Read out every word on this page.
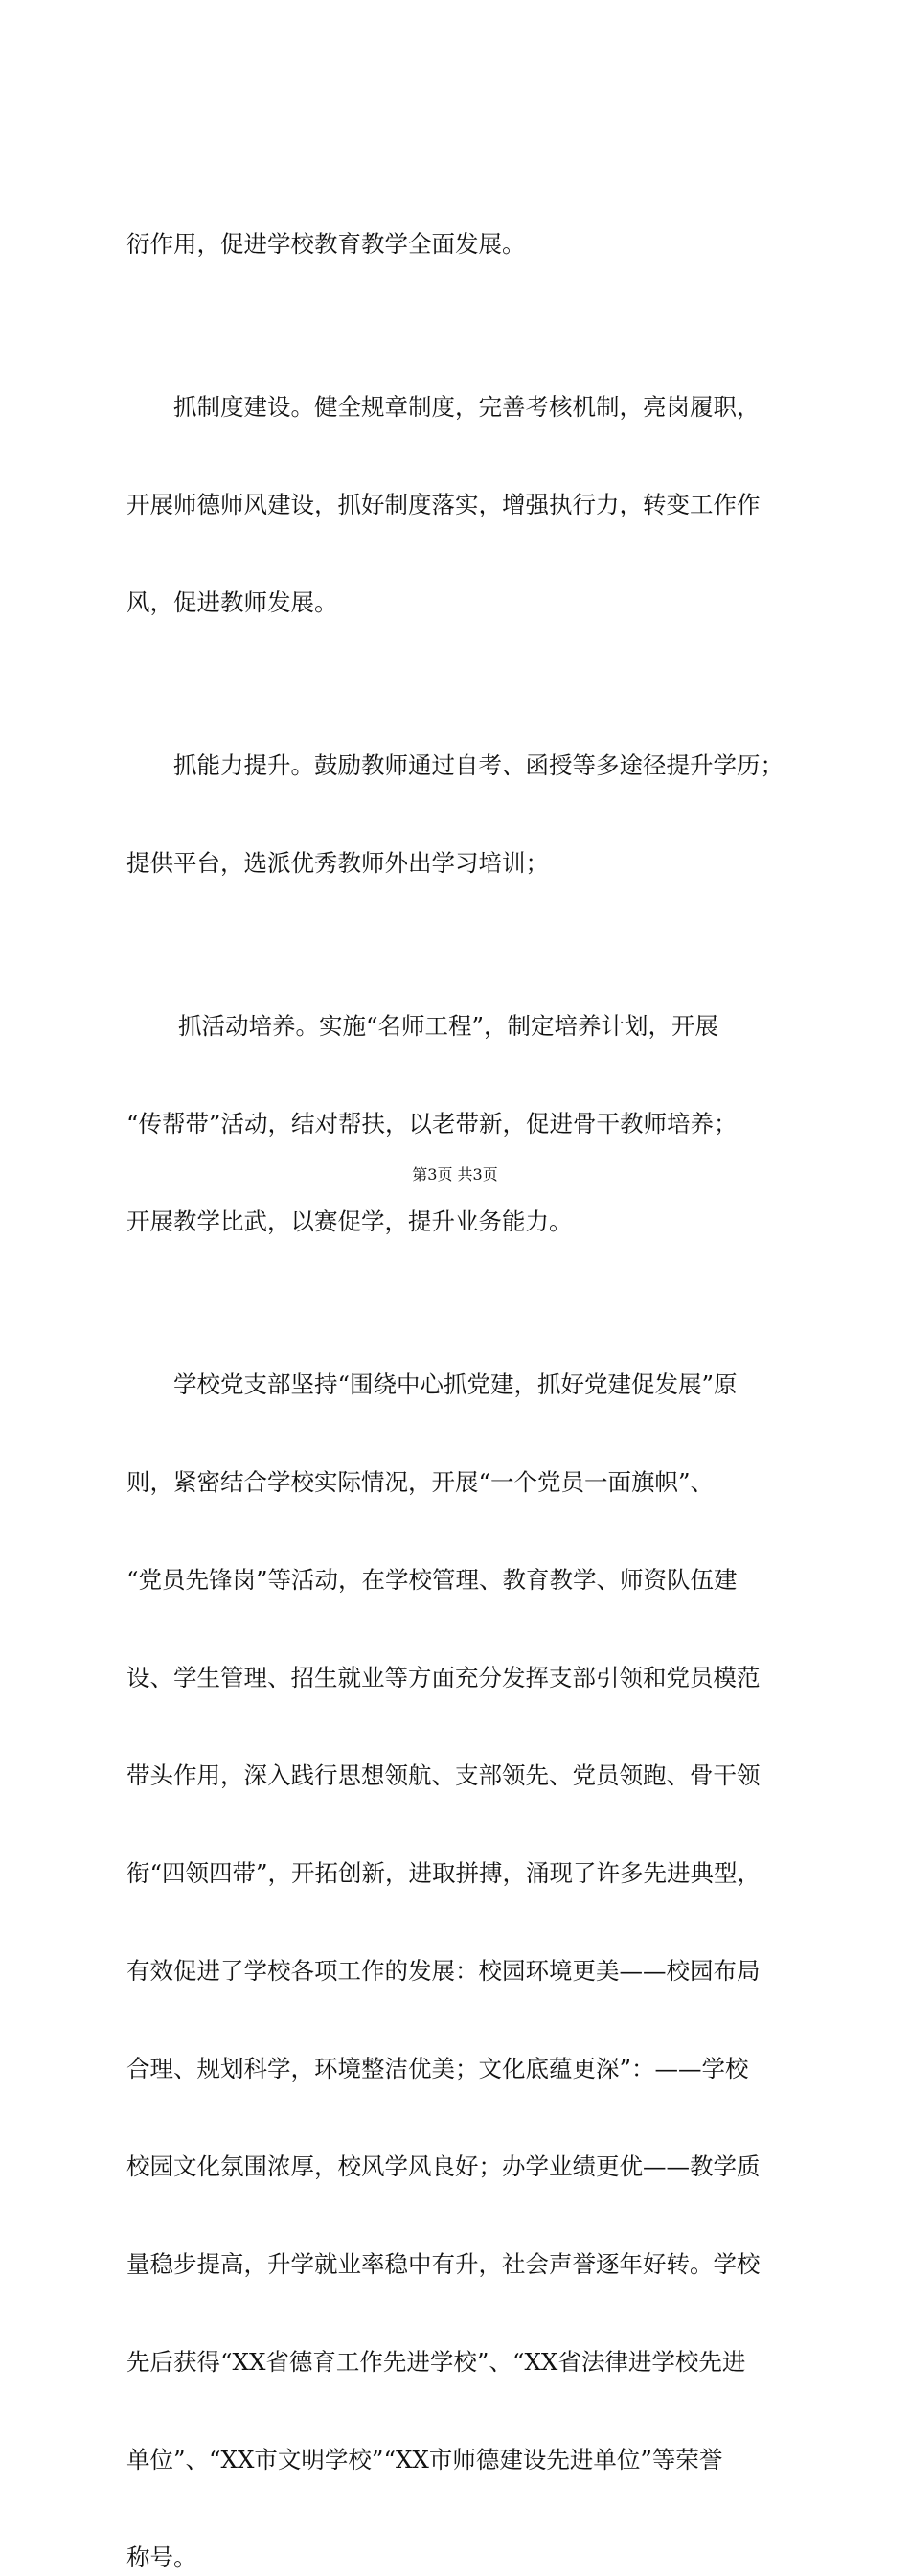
衍作用，促进学校教育教学全面发展。

抓制度建设。健全规章制度，完善考核机制，亮岗履职，

开展师德师风建设，抓好制度落实，增强执行力，转变工作作

风，促进教师发展。

抓能力提升。鼓励教师通过自考、函授等多途径提升学历；

提供平台，选派优秀教师外出学习培训；

抓活动培养。实施“名师工程”，制定培养计划，开展

“传帮带”活动，结对帮扶，以老带新，促进骨干教师培养；

开展教学比武，以赛促学，提升业务能力。

学校党支部坚持“围绕中心抓党建，抓好党建促发展”原

则，紧密结合学校实际情况，开展“一个党员一面旗帜”、

“党员先锋岗”等活动，在学校管理、教育教学、师资队伍建

设、学生管理、招生就业等方面充分发挥支部引领和党员模范

带头作用，深入践行思想领航、支部领先、党员领跑、骨干领

衔“四领四带”，开拓创新，进取拼搏，涌现了许多先进典型，

有效促进了学校各项工作的发展：校园环境更美——校园布局

合理、规划科学，环境整洁优美；文化底蕴更深”：——学校

校园文化氛围浓厚，校风学风良好；办学业绩更优——教学质

量稳步提高，升学就业率稳中有升，社会声誉逐年好转。学校

先后获得“XX省德育工作先进学校”、“XX省法律进学校先进

单位”、“XX市文明学校”“XX市师德建设先进单位”等荣誉

称号。

第3页 共3页
